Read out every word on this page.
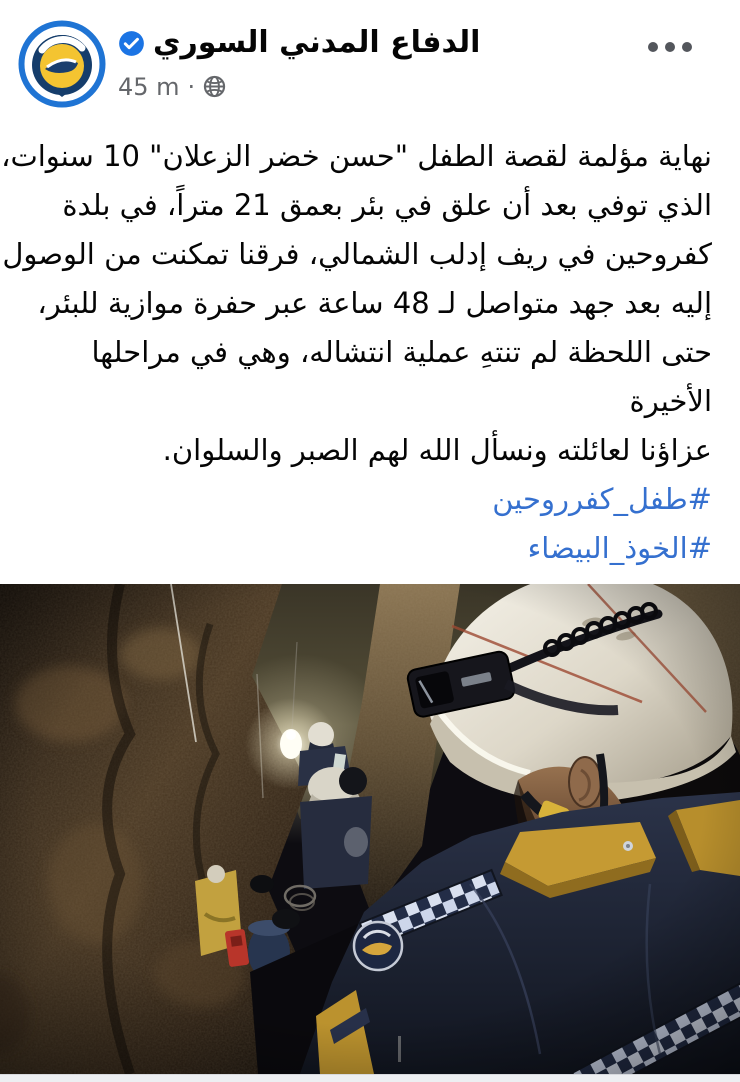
الدفاع المدني السوري
45 m ·
نهاية مؤلمة لقصة الطفل "حسن خضر الزعلان" 10 سنوات،
الذي توفي بعد أن علق في بئر بعمق 21 متراً، في بلدة
كفروحين في ريف إدلب الشمالي، فرقنا تمكنت من الوصول
إليه بعد جهد متواصل لـ 48 ساعة عبر حفرة موازية للبئر،
حتى اللحظة لم تنتهِ عملية انتشاله، وهي في مراحلها
الأخيرة
عزاؤنا لعائلته ونسأل الله لهم الصبر والسلوان.
#طفل_كفرروحين
#الخوذ_البيضاء
